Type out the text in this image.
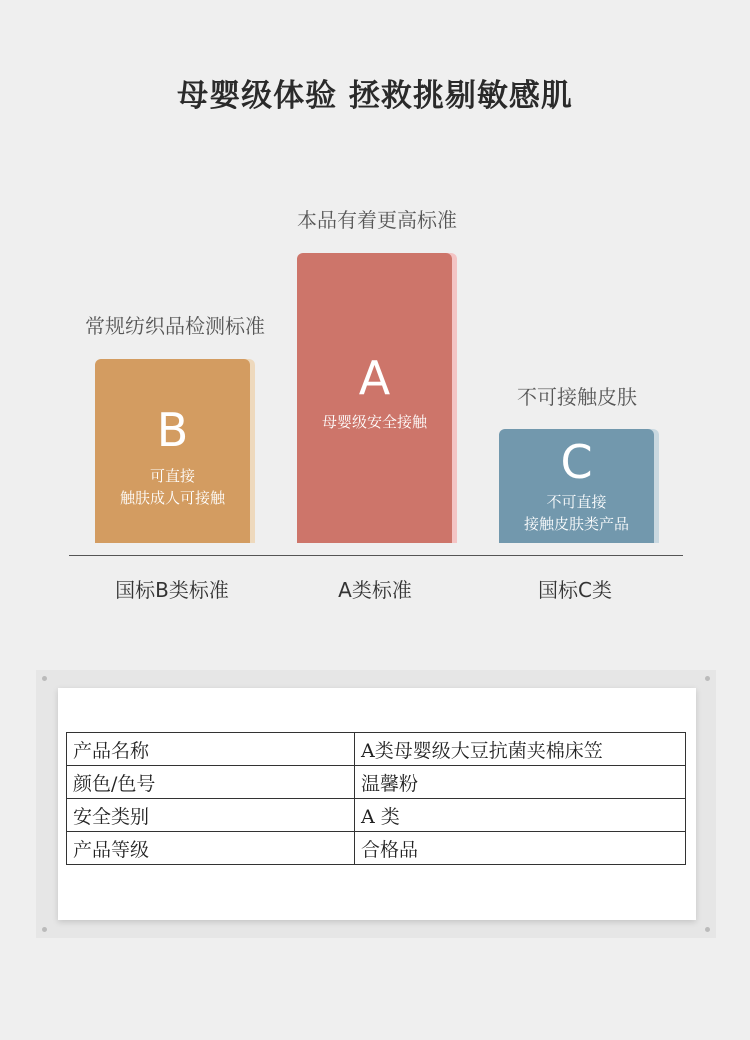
母婴级体验 拯救挑剔敏感肌
常规纺织品检测标准
B
可直接
触肤成人可接触
本品有着更高标准
A
母婴级安全接触
不可接触皮肤
C
不可直接
接触皮肤类产品
国标B类标准	A类标准	国标C类
产品名称	A类母婴级大豆抗菌夹棉床笠
颜色/色号	温馨粉
安全类别	A 类
产品等级	合格品
